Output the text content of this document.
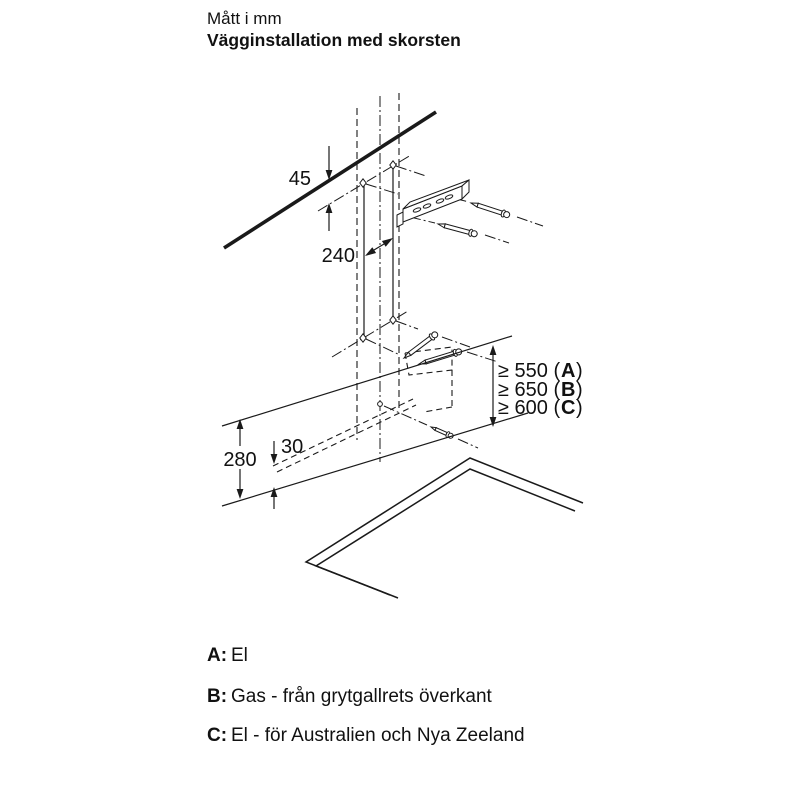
Mått i mm
Vägginstallation med skorsten
45
240
280
30
≥ 550 ( A )
≥ 650 ( B )
≥ 600 ( C )
A: El
B: Gas - från grytgallrets överkant
C: El - för Australien och Nya Zeeland
